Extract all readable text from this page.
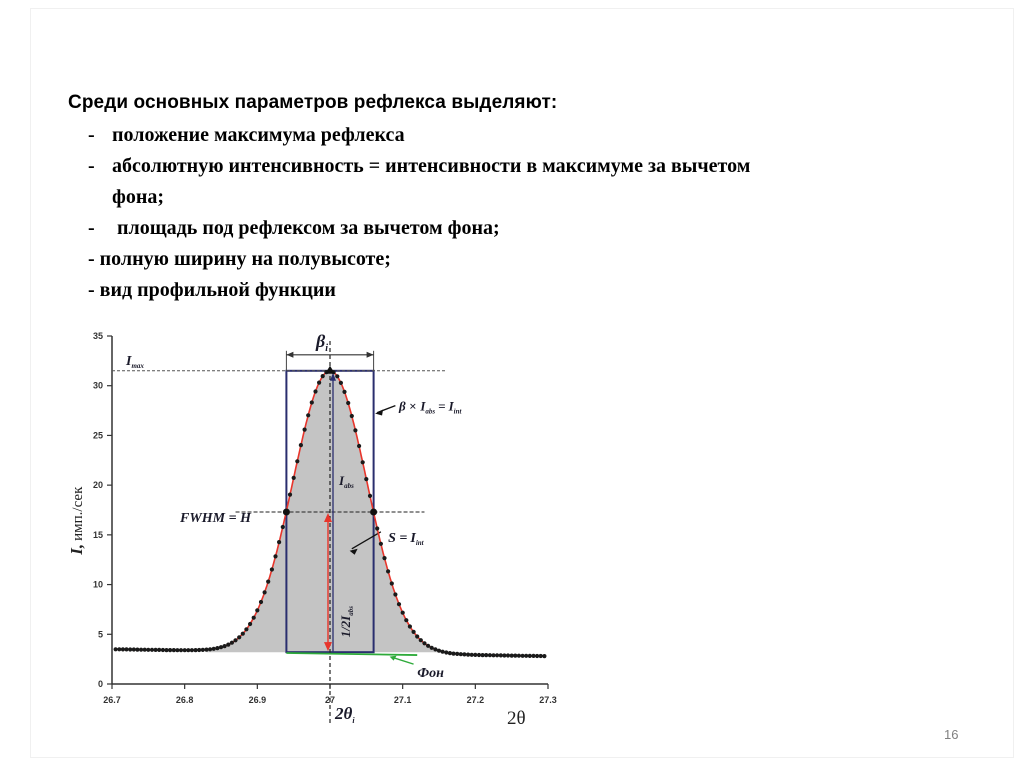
Среди основных параметров рефлекса выделяют:
- положение максимума рефлекса
- абсолютную интенсивность = интенсивности в максимуме за вычетом
фона;
- площадь под рефлексом за вычетом фона;
- полную ширину на полувысоте;
- вид профильной функции
26.7	26.8	26.9	27	27.1	27.2	27.3
0
5
10
15
20
25
30
35	$\beta_i$
$I_{max}$
$\beta \times I_{abs} = I_{int}$
FWHM = H
$I_{abs}$
$S = I_{int}$
$1/2I_{abs}$
Фон
$2\theta_i$	2θ
I,имп./сек
16
